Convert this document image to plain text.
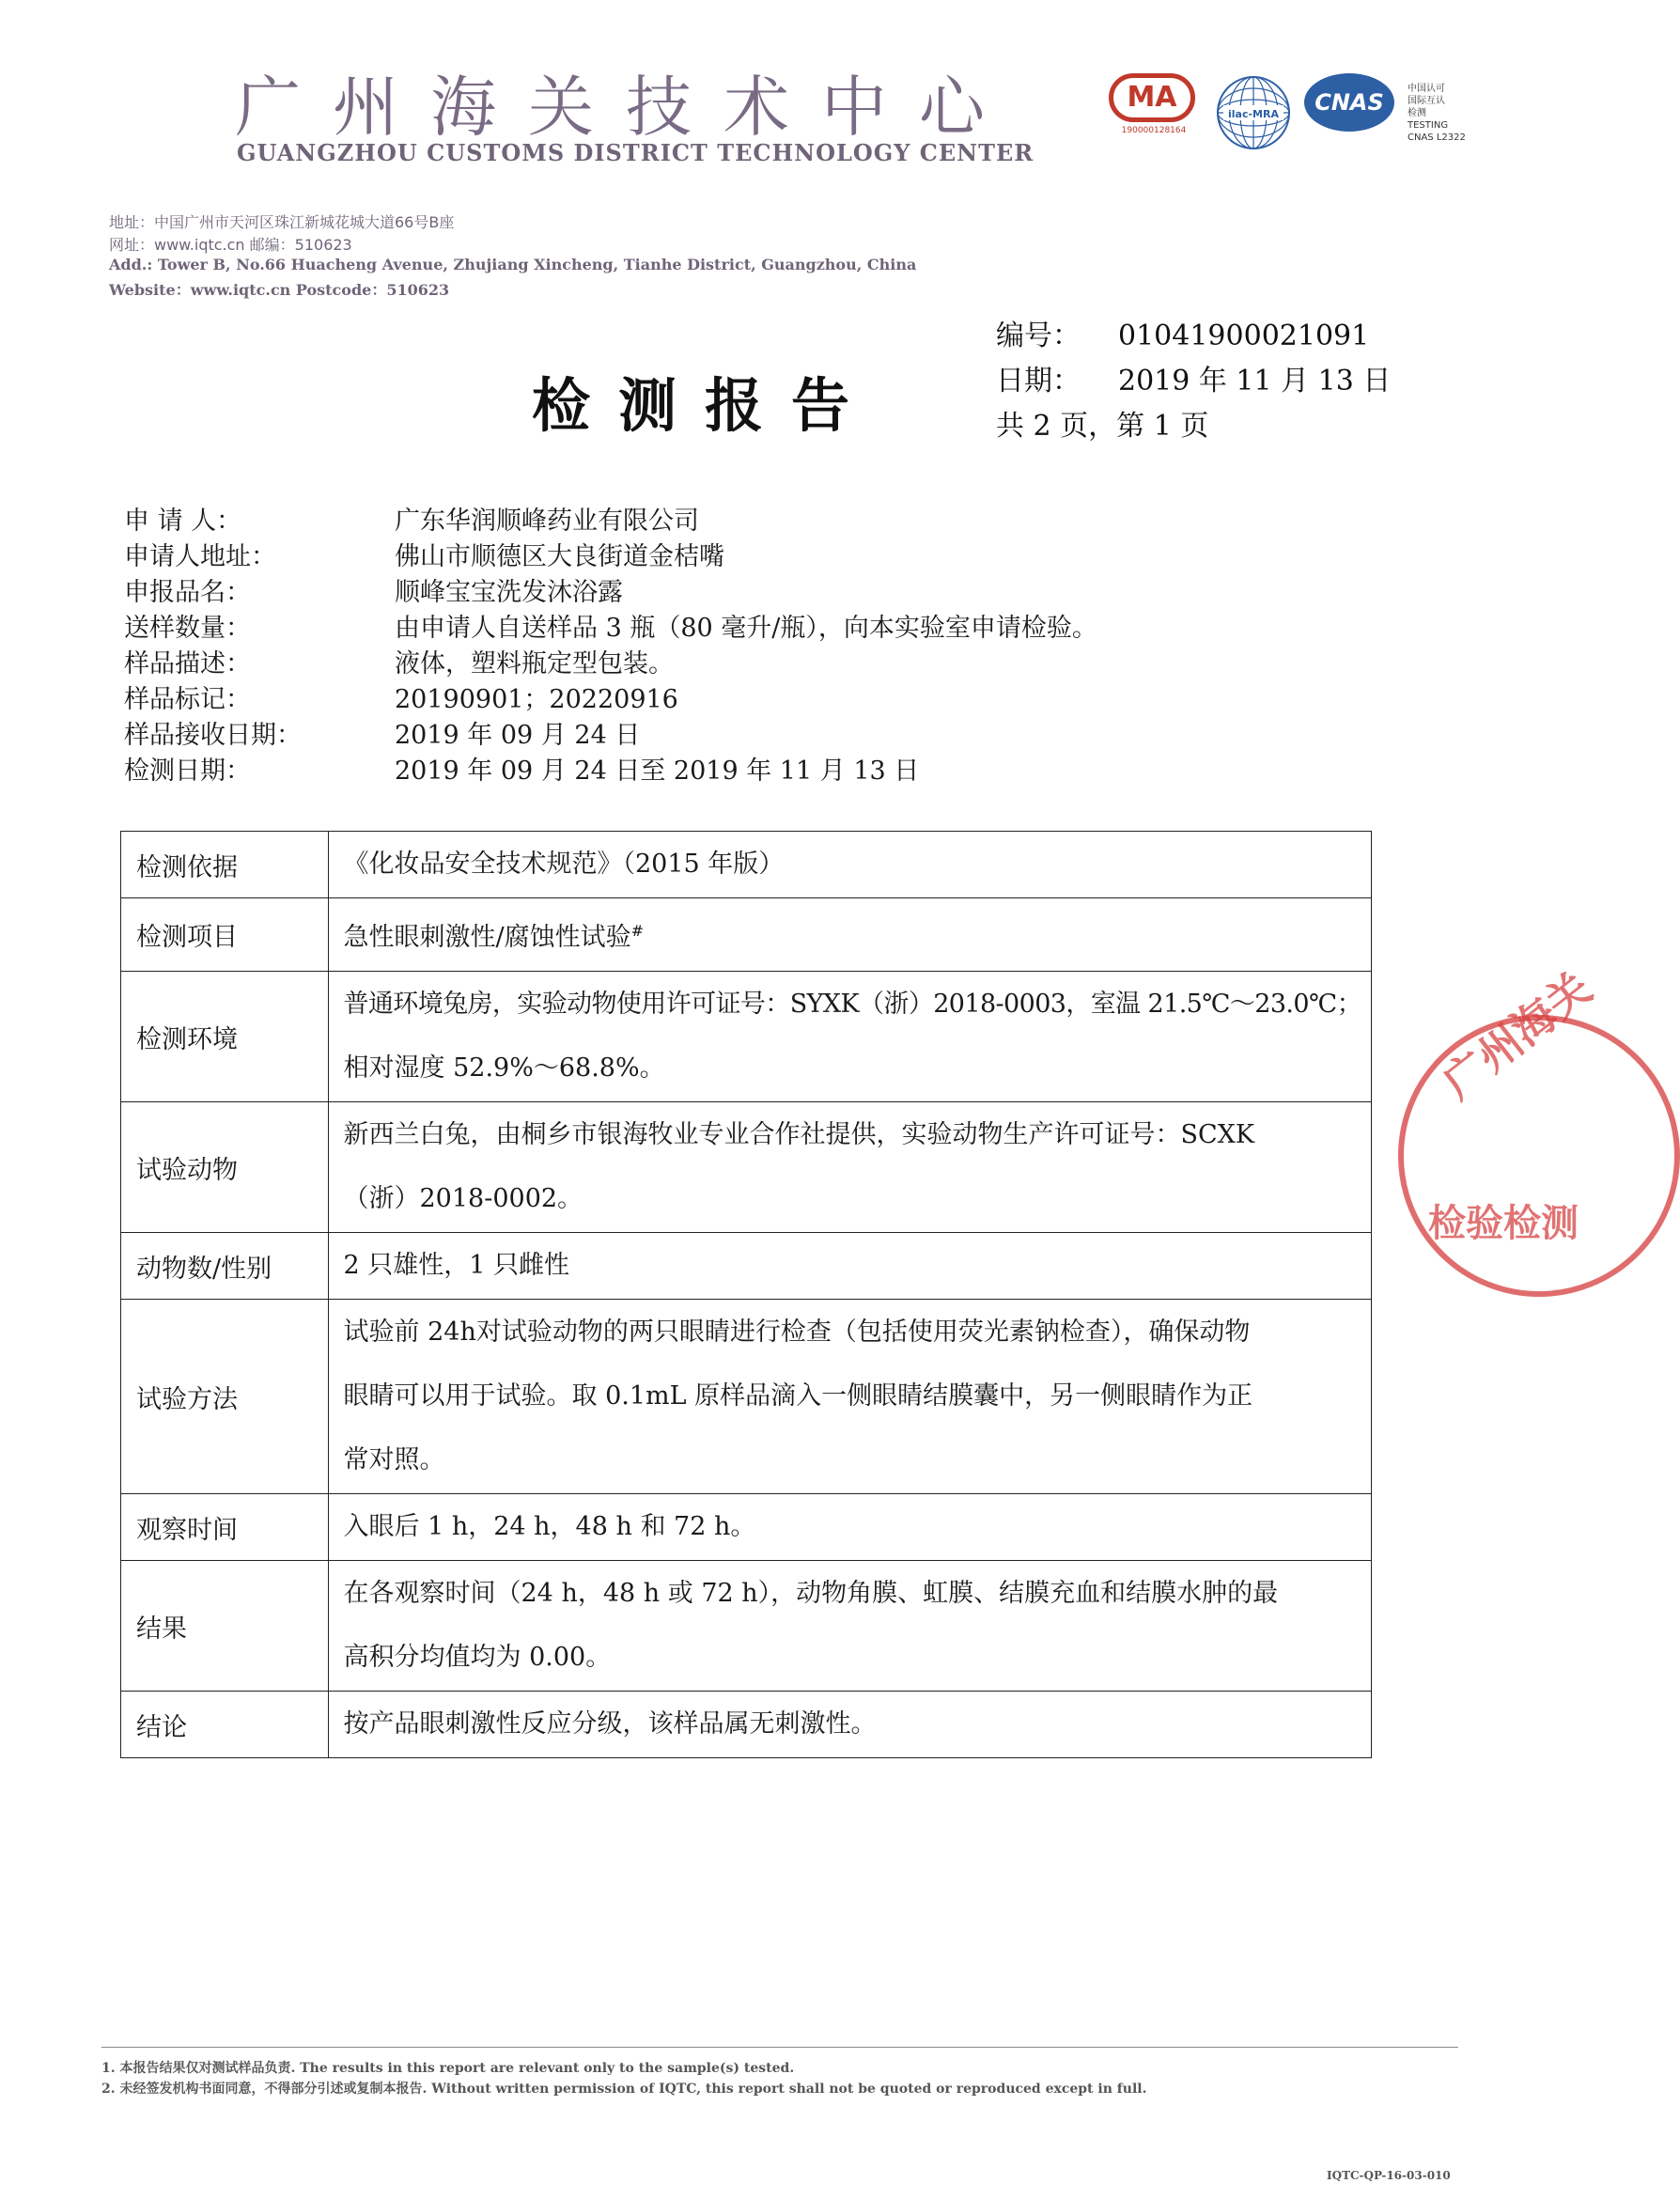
广州海关技术中心
GUANGZHOU CUSTOMS DISTRICT TECHNOLOGY CENTER
MA
190000128164
ilac-MRA	CNAS
中国认可
国际互认
检测
TESTING
CNAS L2322
地址：中国广州市天河区珠江新城花城大道66号B座
网址：www.iqtc.cn 邮编：510623
Add.: Tower B, No.66 Huacheng Avenue, Zhujiang Xincheng, Tianhe District, Guangzhou, China
Website：www.iqtc.cn Postcode：510623
检测报告
编号： 01041900021091
日期： 2019 年 11 月 13 日
共 2 页，第 1 页
申 请 人：	广东华润顺峰药业有限公司
申请人地址：	佛山市顺德区大良街道金桔嘴
申报品名：	顺峰宝宝洗发沐浴露
送样数量：	由申请人自送样品 3 瓶（80 毫升/瓶），向本实验室申请检验。
样品描述：	液体，塑料瓶定型包装。
样品标记：	20190901；20220916
样品接收日期：	2019 年 09 月 24 日
检测日期：	2019 年 09 月 24 日至 2019 年 11 月 13 日
检测依据	《化妆品安全技术规范》（2015 年版）
检测项目	急性眼刺激性/腐蚀性试验#
检测环境	普通环境兔房，实验动物使用许可证号：SYXK（浙）2018-0003，室温 21.5℃～23.0℃；
相对湿度 52.9%～68.8%。

试验动物	新西兰白兔，由桐乡市银海牧业专业合作社提供，实验动物生产许可证号：SCXK
（浙）2018-0002。

动物数/性别	2 只雄性，1 只雌性
试验方法	试验前 24h对试验动物的两只眼睛进行检查（包括使用荧光素钠检查），确保动物
眼睛可以用于试验。取 0.1mL 原样品滴入一侧眼睛结膜囊中，另一侧眼睛作为正
常对照。

观察时间	入眼后 1 h，24 h，48 h 和 72 h。
结果	在各观察时间（24 h，48 h 或 72 h），动物角膜、虹膜、结膜充血和结膜水肿的最
高积分均值均为 0.00。

结论	按产品眼刺激性反应分级，该样品属无刺激性。
广州海关
检验检测
1. 本报告结果仅对测试样品负责. The results in this report are relevant only to the sample(s) tested.
2. 未经签发机构书面同意，不得部分引述或复制本报告. Without written permission of IQTC, this report shall not be quoted or reproduced except in full.
IQTC-QP-16-03-010
